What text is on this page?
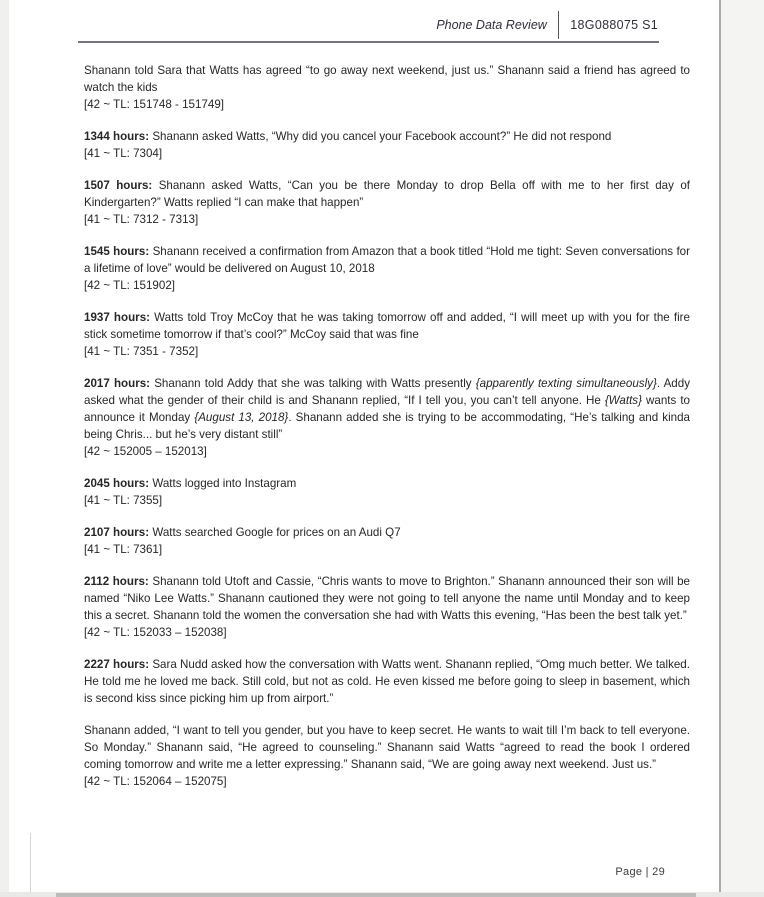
Phone Data Review	18G088075 S1
Shanann told Sara that Watts has agreed “to go away next weekend, just us.” Shanann said a friend has agreed to watch the kids
[42 ~ TL: 151748 - 151749]
1344 hours: Shanann asked Watts, “Why did you cancel your Facebook account?” He did not respond
[41 ~ TL: 7304]
1507 hours: Shanann asked Watts, “Can you be there Monday to drop Bella off with me to her first day of Kindergarten?” Watts replied “I can make that happen”
[41 ~ TL: 7312 - 7313]
1545 hours: Shanann received a confirmation from Amazon that a book titled “Hold me tight: Seven conversations for a lifetime of love” would be delivered on August 10, 2018
[42 ~ TL: 151902]
1937 hours: Watts told Troy McCoy that he was taking tomorrow off and added, “I will meet up with you for the fire stick sometime tomorrow if that’s cool?” McCoy said that was fine
[41 ~ TL: 7351 - 7352]
2017 hours: Shanann told Addy that she was talking with Watts presently {apparently texting simultaneously}. Addy asked what the gender of their child is and Shanann replied, “If I tell you, you can’t tell anyone. He {Watts} wants to announce it Monday {August 13, 2018}. Shanann added she is trying to be accommodating, “He’s talking and kinda being Chris... but he’s very distant still”
[42 ~ 152005 – 152013]
2045 hours: Watts logged into Instagram
[41 ~ TL: 7355]
2107 hours: Watts searched Google for prices on an Audi Q7
[41 ~ TL: 7361]
2112 hours: Shanann told Utoft and Cassie, “Chris wants to move to Brighton.” Shanann announced their son will be named “Niko Lee Watts.” Shanann cautioned they were not going to tell anyone the name until Monday and to keep this a secret. Shanann told the women the conversation she had with Watts this evening, “Has been the best talk yet.”
[42 ~ TL: 152033 – 152038]
2227 hours: Sara Nudd asked how the conversation with Watts went. Shanann replied, “Omg much better. We talked. He told me he loved me back. Still cold, but not as cold. He even kissed me before going to sleep in basement, which is second kiss since picking him up from airport.”
Shanann added, “I want to tell you gender, but you have to keep secret. He wants to wait till I’m back to tell everyone. So Monday.” Shanann said, “He agreed to counseling.” Shanann said Watts “agreed to read the book I ordered coming tomorrow and write me a letter expressing.” Shanann said, “We are going away next weekend. Just us.”
[42 ~ TL: 152064 – 152075]
Page | 29
